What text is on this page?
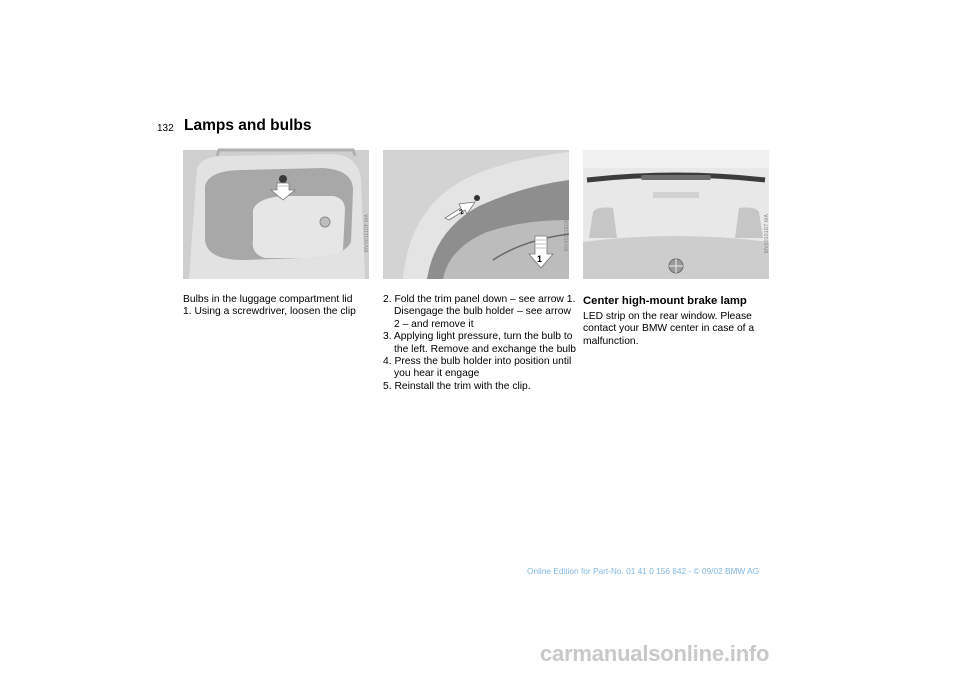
132 Lamps and bulbs
MV00111DF.MA
1
2
MV00111EDMA	MV00101D7.MA

Bulbs in the luggage compartment lid

1. Using a screwdriver, loosen the clip

2. Fold the trim panel down – see arrow 1. Disengage the bulb holder – see arrow 2 – and remove it
3. Applying light pressure, turn the bulb to the left. Remove and exchange the bulb
4. Press the bulb holder into position until you hear it engage
5. Reinstall the trim with the clip.
Center high-mount brake lamp

LED strip on the rear window. Please contact your BMW center in case of a malfunction.

Online Edition for Part-No. 01 41 0 156 842 - © 09/02 BMW AG
carmanualsonline.info
